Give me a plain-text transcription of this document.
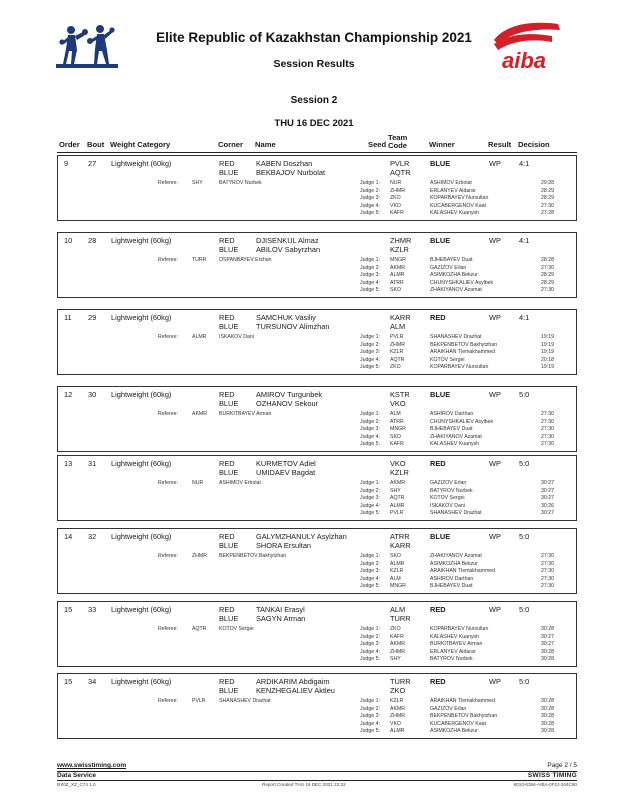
aiba
Elite Republic of Kazakhstan Championship 2021
Session Results
Session 2
THU 16 DEC 2021
Order Bout Weight Category	Corner Name	Seed
Team Code	Winner	Result Decision
9	27 Lightweight (60kg)	RED	KABEN Doszhan	PVLR	BLUE	WP 4:1
BLUE BEKBAJOV Nurbolat	AQTR
Referee:	SHY	BATYROV Nurbek	Judge 1: NUR	ASHIMOV Erbolat	29:28
Judge 2: ZHMR	ERLANYEV Aidarar	28:29
Judge 3: ZKO	KOPARBAYEV Nursultan	28:29
Judge 4: VKO	KUCABERGENOV Kaat	27:30
Judge 5: KAFR	KALASHEV Kuanysh	27:28
10 28 Lightweight (60kg)	RED	DJISENKUL Almaz	ZHMR	BLUE	WP 4:1
BLUE ABILOV Sabyrzhan	KZLR
Referee:	TURR OSPANBAYEV Erzhan	Judge 1: MNGR	BJHEBAYEV Duat	28:28
Judge 2: AKMR	GAZIZOV Erlan	27:30
Judge 3: ALMR	ASIMKOZHA Bekzur	28:29
Judge 4: ATRR	CHUNYSHKALIEV Asylbek	28:29
Judge 5: SKO	ZHAKIYANOV Azamat	27:30
11 29 Lightweight (60kg)	RED	SAMCHUK Vasiliy	KARR	RED	WP 4:1
BLUE TURSUNOV Alimzhan	ALM
Referee:	ALMR ISKAKOV Dani	Judge 1: PVLR	SHANASHEV Drazhat	19:19
Judge 2: ZHMR	BEKPENBETOV Bakhytzhan	19:19
Judge 3: KZLR	ARAIKHAN Tlemakhammed	19:19
Judge 4: AQTR	KOTOV Sergei	20:18
Judge 5: ZKO	KOPARBAYEV Nursultan	19:19
12 30 Lightweight (60kg)	RED	AMIROV Turgunbek	KSTR	BLUE	WP 5:0
BLUE OZHANOV Sekour	VKO
Referee:	AKMR BURKITBAYEV Arman	Judge 1: ALM	ASHIROV Darthan	27:30
Judge 2: ATRR	CHUNYSHKALIEV Asylbek	27:30
Judge 3: MNGR	BJHEBAYEV Duat	27:30
Judge 4: SKO	ZHAKIYANOV Azamat	27:30
Judge 5: KAFR	KALASHEV Kuanysh	27:30
13 31 Lightweight (60kg)	RED	KURMETOV Adiel	VKO	RED	WP 5:0
BLUE UMIDAEV Bagdat	KZLR
Referee:	NUR	ASHIMOV Erbolat	Judge 1: AKMR	GAZIZOV Erlan	30:27
Judge 2: SHY	BATYROV Nurbek	30:27
Judge 3: AQTR	KOTOV Sergei	30:27
Judge 4: ALMR	ISKAKOV Dani	30:26
Judge 5: PVLR	SHANASHEV Drazhat	30:27
14 32 Lightweight (60kg)	RED	GALYMZHANULY Asylzhan	ATRR	BLUE	WP 5:0
BLUE SHORA Ersultan	KARR
Referee:	ZHMR BEKPENBETOV Bakhytzhan	Judge 1: SKO	ZHAKIYANOV Azamat	27:30
Judge 2: ALMR	ASIMKOZHA Bekzur	27:30
Judge 3: KZLR	ARAIKHAN Tlemakhammed	27:30
Judge 4: ALM	ASHIROV Darthan	27:30
Judge 5: MNGR	BJHEBAYEV Duat	27:30
15 33 Lightweight (60kg)	RED	TANKAI Erasyl	ALM	RED	WP 5:0
BLUE SAGYN Arman	TURR
Referee:	AQTR KOTOV Sergei	Judge 1: ZKO	KOPARBAYEV Nursultan	30:28
Judge 2: KAFR	KALASHEV Kuanysh	30:27
Judge 3: AKMR	BURKITBAYEV Arman	30:27
Judge 4: ZHMR	ERLANYEV Aidarar	30:28
Judge 5: SHY	BATYROV Nurbek	30:28
15 34 Lightweight (60kg)	RED	ARDIKARIM Abdigaim	TURR	RED	WP 5:0
BLUE KENZHEGALIEV Aktleu	ZKO
Referee:	PVLR	SHANASHEV Drazhat	Judge 1: KZLR	ARAIKHAN Tlemakhammed	30:28
Judge 2: AKMR	GAZIZOV Erlan	30:28
Judge 3: ZHMR	BEKPENBETOV Bakhytzhan	30:28
Judge 4: VKO	KUCABERGENOV Kaat	30:28
Judge 5: ALMR	ASIMKOZHA Bekzur	30:28
www.swisstiming.com	Page 2 / 5
Data Service	SWISS TIMING
BX0Z_XZ_C74 1.0	Report Created THU 16 DEC 2021 22:32	6010-6356-AIBA-0F2J-304C90
